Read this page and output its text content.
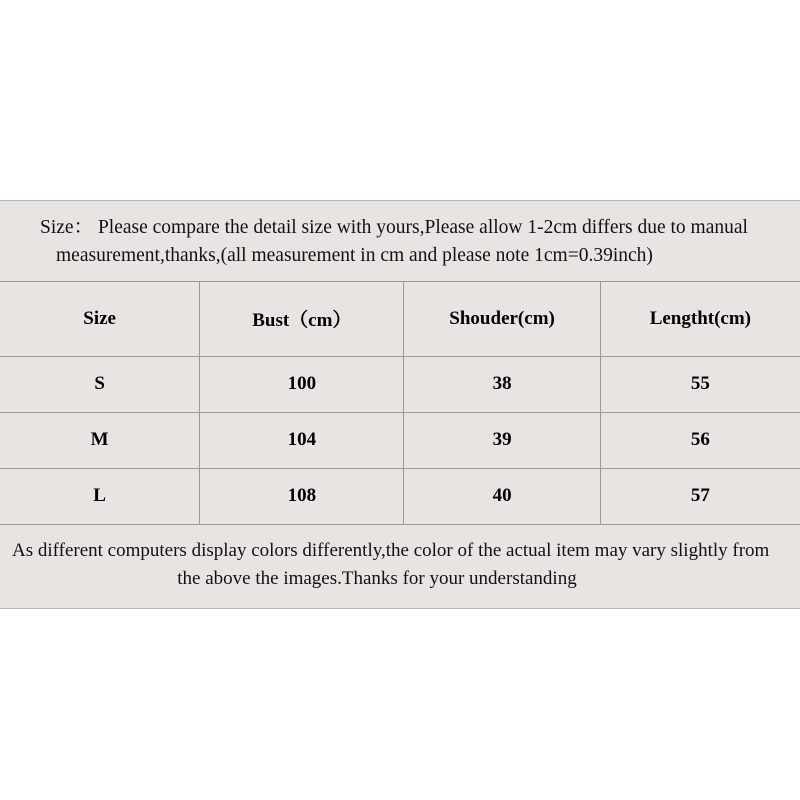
Size： Please compare the detail size with yours,Please allow 1-2cm differs due to manual
measurement,thanks,(all measurement in cm and please note 1cm=0.39inch)
Size	Bust（cm）	Shouder(cm)	Lengtht(cm)
S	100	38	55
M	104	39	56
L	108	40	57
As different computers display colors differently,the color of the actual item may vary slightly from
the above the images.Thanks for your understanding
